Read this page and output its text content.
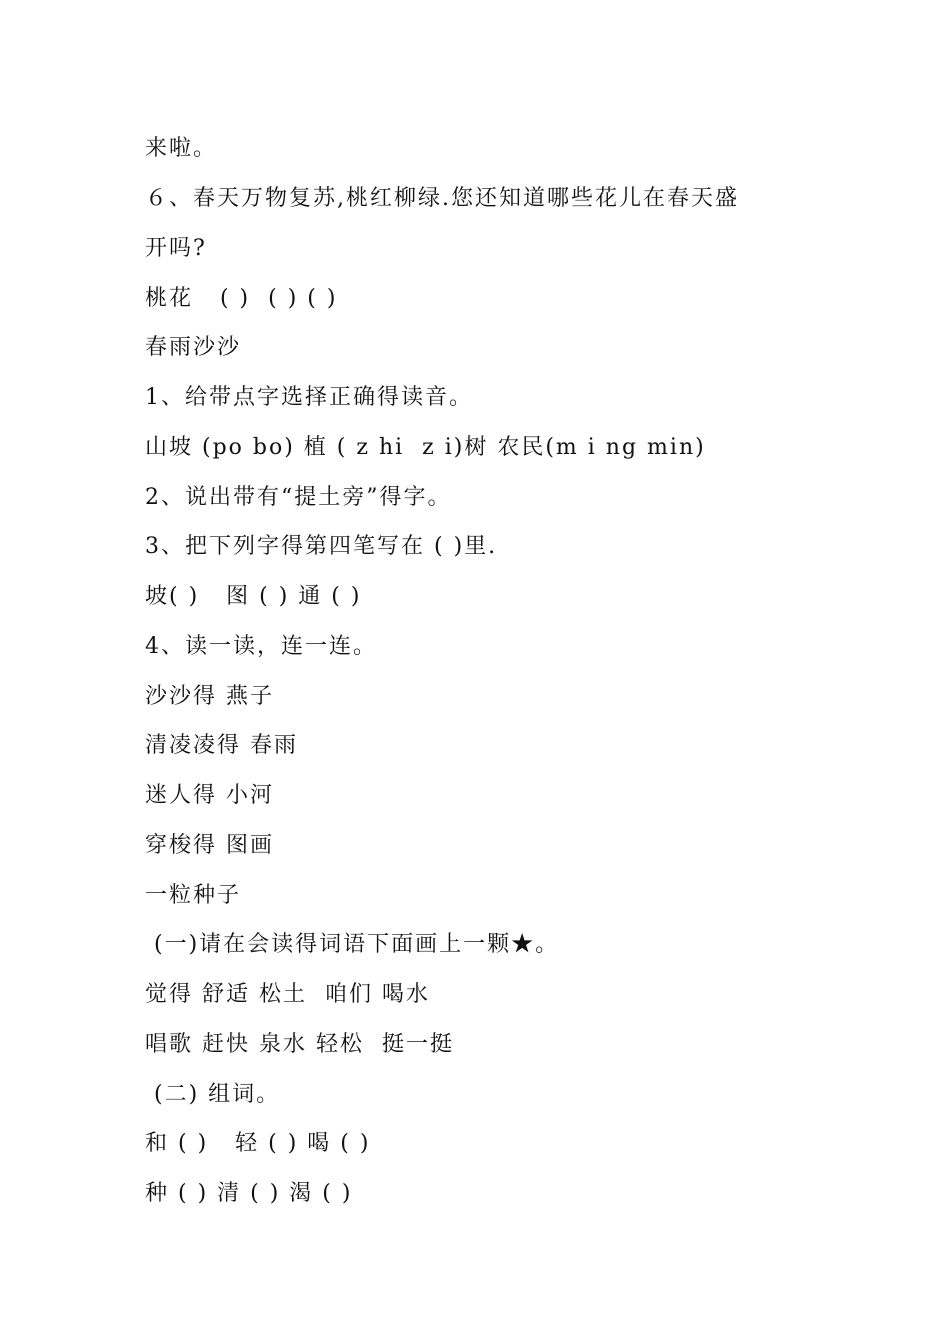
来啦。
６、春天万物复苏,桃红柳绿.您还知道哪些花儿在春天盛
开吗?
桃花   ( )  ( ) ( )
春雨沙沙
1、给带点字选择正确得读音。
山坡 (po bo) 植 ( z hi  z i)树 农民(m i ng min)
2、说出带有“提土旁”得字。
3、把下列字得第四笔写在 ( )里.
坡( )   图 ( ) 通 ( )
4、读一读，连一连。
沙沙得 燕子
清凌凌得 春雨
迷人得 小河
穿梭得 图画
一粒种子
(一)请在会读得词语下面画上一颗★。
觉得 舒适 松土  咱们 喝水
唱歌 赶快 泉水 轻松  挺一挺
(二) 组词。
和 ( )   轻 ( ) 喝 ( )
种 ( ) 清 ( ) 渴 ( )
